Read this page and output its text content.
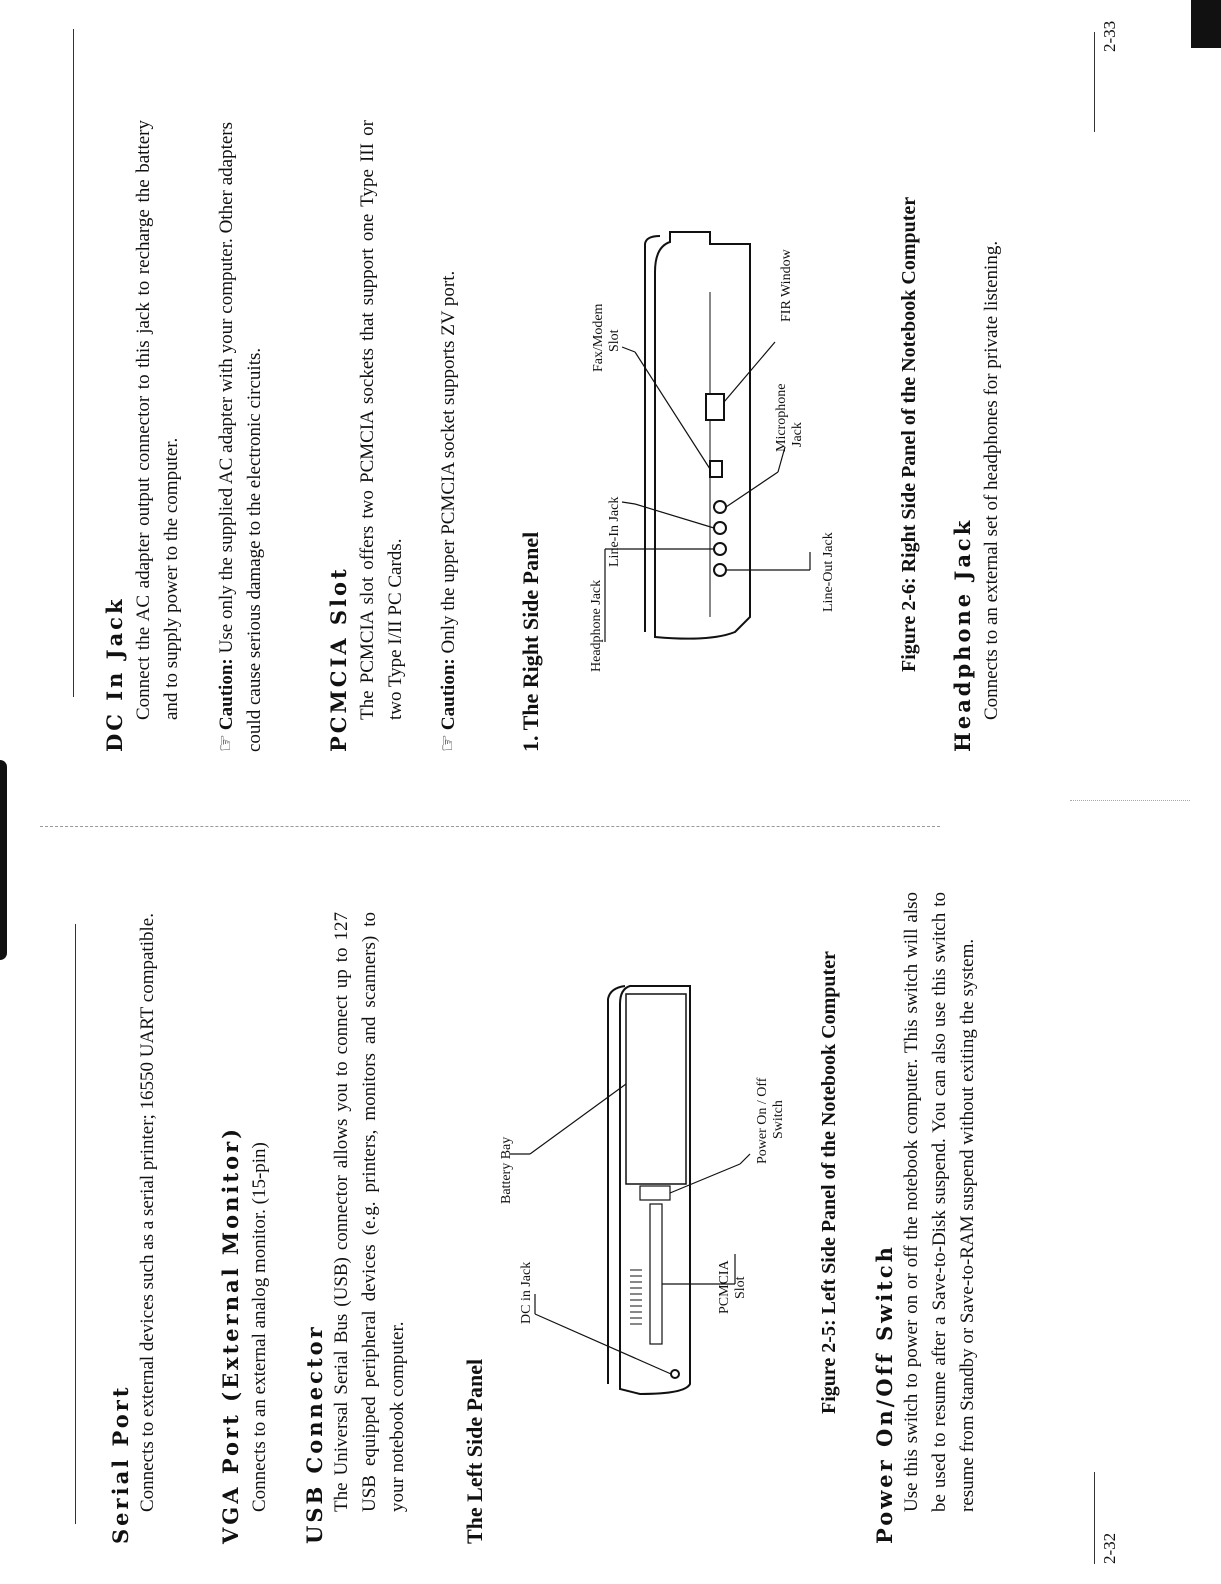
DC In Jack Connect the AC adapter output connector to this jack to recharge the battery and to supply power to the computer.
☞Caution: Use only the supplied AC adapter with your computer. Other adapters could cause serious damage to the electronic circuits.	PCMCIA Slot The PCMCIA slot offers two PCMCIA sockets that support one Type III or two Type I/II PC Cards.
☞Caution: Only the upper PCMCIA socket supports ZV port.	1. The Right Side Panel	Headphone Jack
Line-In Jack
Fax/Modem Slot
FIR Window
Microphone Jack
Line-Out Jack	Figure 2-6: Right Side Panel of the Notebook Computer Headphone Jack Connects to an external set of headphones for private listening.
2-33
Serial Port Connects to external devices such as a serial printer; 16550 UART compatible.	VGA Port (External Monitor) Connects to an external analog monitor. (15-pin) USB Connector The Universal Serial Bus (USB) connector allows you to connect up to 127 USB equipped peripheral devices (e.g. printers, monitors and scanners) to your notebook computer. The Left Side Panel
DC in Jack
Battery Bay
PCMCIA Slot
Power On / Off Switch Figure 2-5: Left Side Panel of the Notebook Computer Power On/Off Switch Use this switch to power on or off the notebook computer. This switch will also be used to resume after a Save-to-Disk suspend. You can also use this switch to resume from Standby or Save-to-RAM suspend without exiting the system.
2-32
